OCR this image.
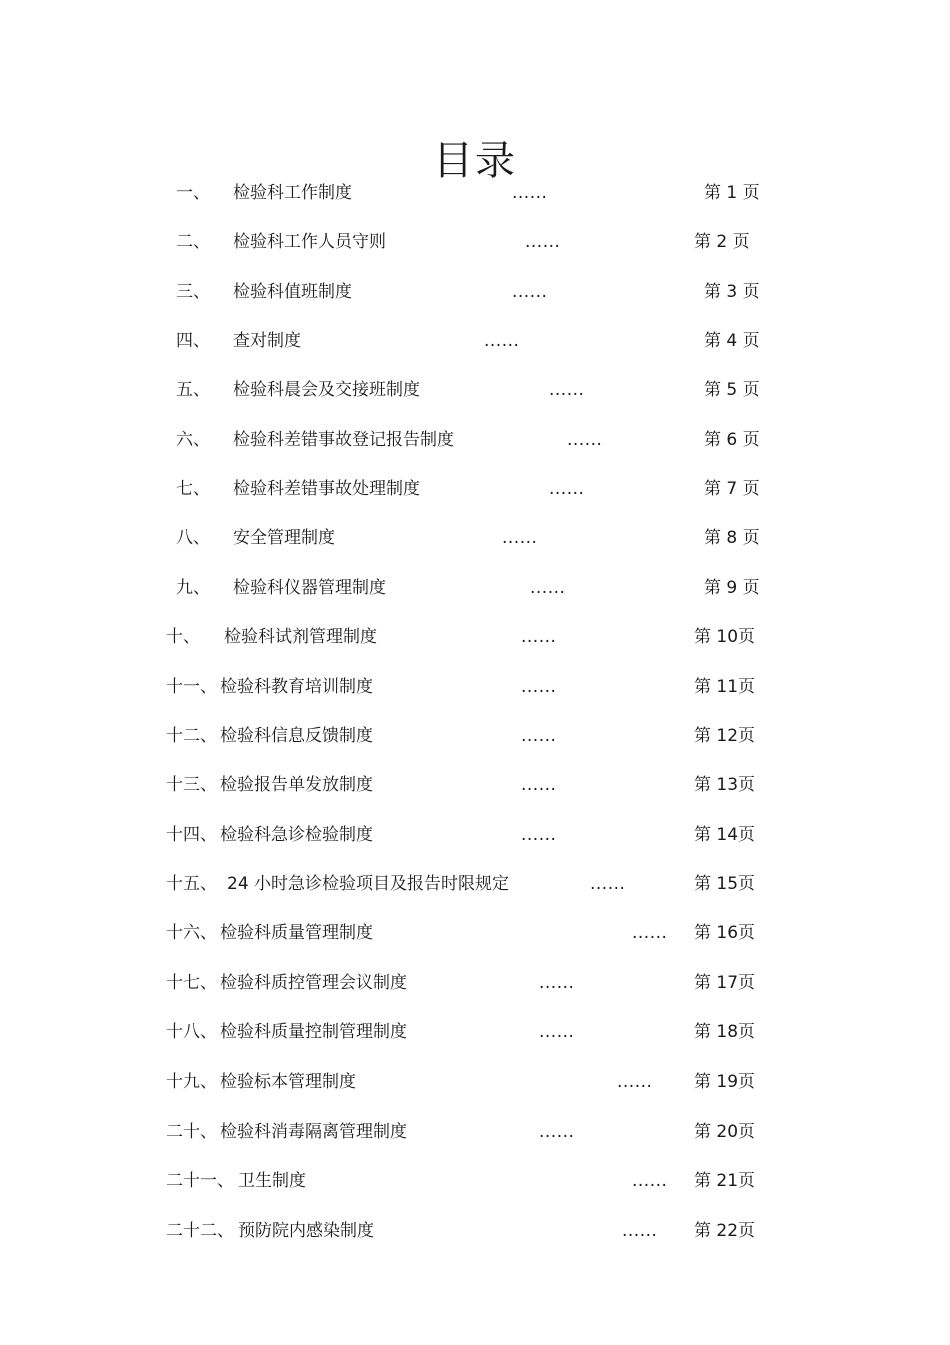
目录
一、 检验科工作制度	......	第 1 页
二、 检验科工作人员守则	......	第 2 页
三、 检验科值班制度	......	第 3 页
四、 查对制度	......	第 4 页
五、 检验科晨会及交接班制度	......	第 5 页
六、 检验科差错事故登记报告制度	......	第 6 页
七、 检验科差错事故处理制度	......	第 7 页
八、 安全管理制度	......	第 8 页
九、 检验科仪器管理制度	......	第 9 页
十、 检验科试剂管理制度	......	第 10页
十一、 检验科教育培训制度	......	第 11页
十二、 检验科信息反馈制度	......	第 12页
十三、 检验报告单发放制度	......	第 13页
十四、 检验科急诊检验制度	......	第 14页
十五、 24 小时急诊检验项目及报告时限规定	......	第 15页
十六、 检验科质量管理制度	...... 第 16页
十七、 检验科质控管理会议制度	......	第 17页
十八、 检验科质量控制管理制度	......	第 18页
十九、 检验标本管理制度	...... 第 19页
二十、 检验科消毒隔离管理制度	......	第 20页
二十一、 卫生制度	...... 第 21页
二十二、 预防院内感染制度	...... 第 22页
